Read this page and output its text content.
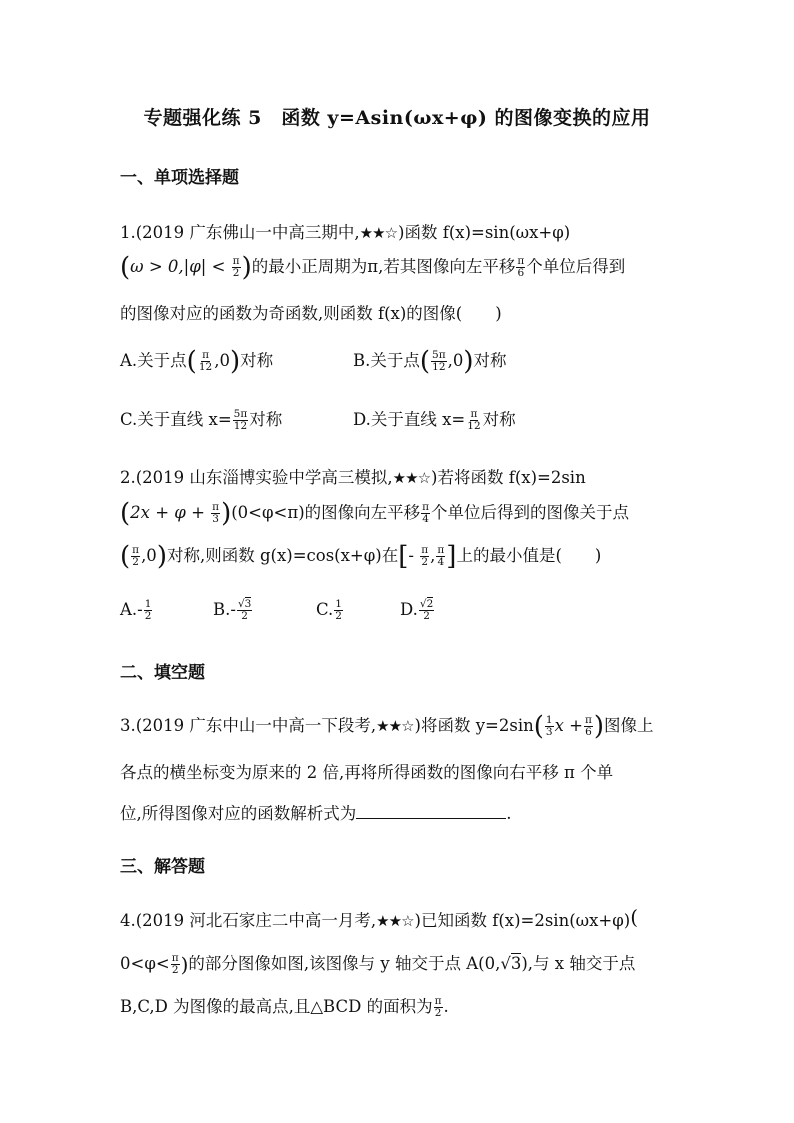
专题强化练 5　函数 y=Asin(ωx+φ) 的图像变换的应用
一、单项选择题
1.(2019 广东佛山一中高三期中,★★☆)函数 f(x)=sin(ωx+φ)
($\omega > 0,|\varphi| < \frac{\pi}{2}$ )的最小正周期为π,若其图像向左平移 $\frac{\pi}{6}$ 个单位后得到
的图像对应的函数为奇函数,则函数 f(x)的图像(　　)
A.关于点( $\frac{\pi}{12} ,0$)对称	B.关于点( $\frac{5\pi}{12} ,0$)对称
C.关于直线 $x= \frac{5\pi}{12}$ 对称	D.关于直线 $x= \frac{\pi}{12}$ 对称
2.(2019 山东淄博实验中学高三模拟,★★☆)若将函数 f(x)=2sin
$(2x + \varphi + \frac{\pi}{3} )(0<\varphi<\pi)$的图像向左平移 $\frac{\pi}{4}$ 个单位后得到的图像关于点
( $\frac{\pi}{2} ,0$)对称,则函数 g(x)=cos(x+φ)在[- $\frac{\pi}{2}$ , $\frac{\pi}{4}$ ]上的最小值是(　　)
$A.- \frac{1}{2}$	$B.- \frac{√3}{2}$	C. $\frac{1}{2}$	D. $\frac{√2}{2}$
二、填空题
3.(2019 广东中山一中高一下段考,★★☆)将函数 $y=2\sin( \frac{1}{3}$ $x + \frac{\pi}{6}$ )图像上
各点的横坐标变为原来的 2 倍,再将所得函数的图像向右平移 π 个单
位,所得图像对应的函数解析式为	.
三、解答题
4.(2019 河北石家庄二中高一月考,★★☆)已知函数 f(x)=2sin(ωx+φ)(
$0<\varphi< \frac{\pi}{2}$ )的部分图像如图,该图像与 y 轴交于点 A(0,√3),与 x 轴交于点
B,C,D 为图像的最高点,且△BCD 的面积为 $\frac{\pi}{2}$ .
